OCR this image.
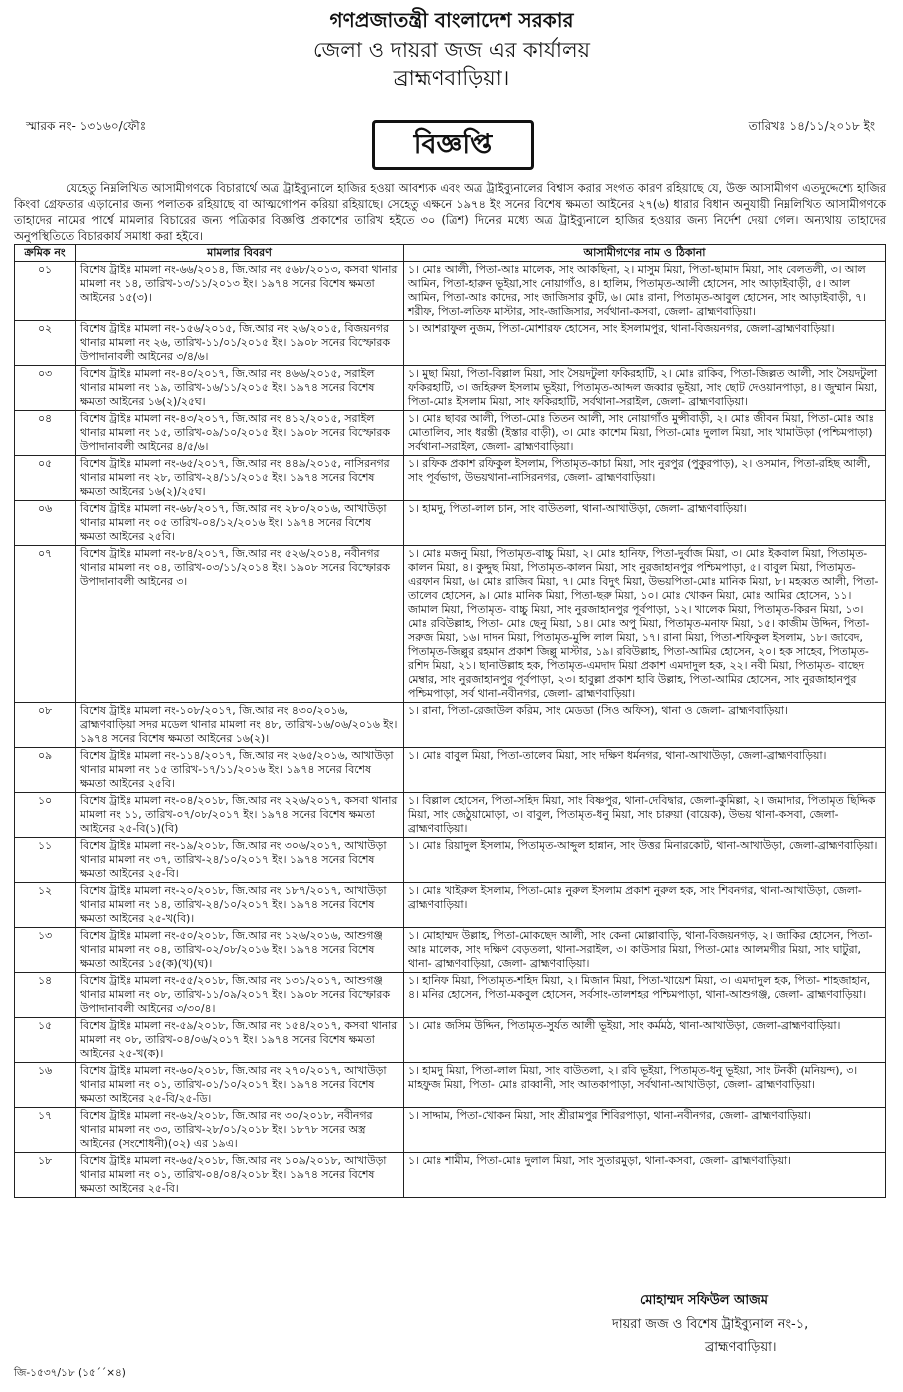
গণপ্রজাতন্ত্রী বাংলাদেশ সরকার
জেলা ও দায়রা জজ এর কার্যালয়
ব্রাহ্মণবাড়িয়া।
স্মারক নং- ১৩১৬০/ফৌঃ	তারিখঃ ১৪/১১/২০১৮ ইং
বিজ্ঞপ্তি
যেহেতু নিম্নলিখিত আসামীগণকে বিচারার্থে অত্র ট্রাইব্যুনালে হাজির হওয়া আবশ্যক এবং অত্র ট্রাইব্যুনালের বিশ্বাস করার সংগত কারণ রহিয়াছে যে, উক্ত আসামীগণ এতদুদ্দেশ্যে হাজির কিংবা গ্রেফতার এড়ানোর জন্য পলাতক রহিয়াছে বা আত্মগোপন করিয়া রহিয়াছে। সেহেতু এক্ষনে ১৯৭৪ ইং সনের বিশেষ ক্ষমতা আইনের ২৭(৬) ধারার বিধান অনুযায়ী নিম্নলিখিত আসামীগণকে তাহাদের নামের পার্শ্বে মামলার বিচারের জন্য পত্রিকার বিজ্ঞপ্তি প্রকাশের তারিখ হইতে ৩০ (ত্রিশ) দিনের মধ্যে অত্র ট্রাইব্যুনালে হাজির হওয়ার জন্য নির্দেশ দেয়া গেল। অন্যথায় তাহাদের অনুপস্থিতিতে বিচারকার্য সমাধা করা হইবে।
ক্রমিক নং	মামলার বিবরণ	আসামীগণের নাম ও ঠিকানা
০১	বিশেষ ট্রাইঃ মামলা নং-৬৬/২০১৪, জি.আর নং ৫৬৮/২০১৩, কসবা থানার মামলা নং ১৪, তারিখ-১৩/১১/২০১৩ ইং। ১৯৭৪ সনের বিশেষ ক্ষমতা আইনের ১৫(৩)।	১। মোঃ আলী, পিতা-আঃ মালেক, সাং আকছিনা, ২। মাসুম মিয়া, পিতা-ছামাদ মিয়া, সাং বেলতলী, ৩। আল আমিন, পিতা-হারুন ভূইয়া,সাং নোয়াগাঁও, ৪। হালিম, পিতামৃত-আলী হোসেন, সাং আড়াইবাড়ী, ৫। আল আমিন, পিতা-আঃ কাদের, সাং জাজিসার কুটি, ৬। মোঃ রানা, পিতামৃত-আবুল হোসেন, সাং আড়াইবাড়ী, ৭। শরীফ, পিতা-লতিফ মাস্টার, সাং-জাজিসার, সর্বথানা-কসবা, জেলা- ব্রাহ্মণবাড়িয়া।
০২	বিশেষ ট্রাইঃ মামলা নং-১৫৬/২০১৫, জি.আর নং ২৬/২০১৫, বিজয়নগর থানার মামলা নং ২৬, তারিখ-১১/০১/২০১৫ ইং। ১৯০৮ সনের বিস্ফোরক উপাদানাবলী আইনের ৩/৪/৬।	১। আশরাফুল নুজম, পিতা-মোশারফ হোসেন, সাং ইসলামপুর, থানা-বিজয়নগর, জেলা-ব্রাহ্মণবাড়িয়া।
০৩	বিশেষ ট্রাইঃ মামলা নং-৪০/২০১৭, জি.আর নং ৪৬৬/২০১৫, সরাইল থানার মামলা নং ১৯, তারিখ-১৬/১১/২০১৫ ইং। ১৯৭৪ সনের বিশেষ ক্ষমতা আইনের ১৬(২)/২৫ঘ।	১। মুছা মিয়া, পিতা-বিল্লাল মিয়া, সাং সৈয়দটুলা ফকিরহাটি, ২। মোঃ রাকিব, পিতা-জিল্লত আলী, সাং সৈয়দটুলা ফকিরহাটি, ৩। জহিরুল ইসলাম ভূইয়া, পিতামৃত-আব্দল জব্বার ভূইয়া, সাং ছোট দেওয়ানপাড়া, ৪। জুম্মান মিয়া, পিতা-মোঃ ইসলাম মিয়া, সাং ফকিরহাটি, সর্বথানা-সরাইল, জেলা- ব্রাহ্মণবাড়িয়া।
০৪	বিশেষ ট্রাইঃ মামলা নং-৪৩/২০১৭, জি.আর নং ৪১২/২০১৫, সরাইল থানার মামলা নং ১৫, তারিখ-০৯/১০/২০১৫ ইং। ১৯০৮ সনের বিস্ফোরক উপাদানাবলী আইনের ৪/৫/৬।	১। মোঃ ছাবর আলী, পিতা-মোঃ তিতন আলী, সাং নোয়াগাঁও মুন্সীবাড়ী, ২। মোঃ জীবন মিয়া, পিতা-মোঃ আঃ মোতালিব, সাং ধরন্তী (ইস্তার বাড়ী), ৩। মোঃ কাশেম মিয়া, পিতা-মোঃ দুলাল মিয়া, সাং খামাউড়া (পশ্চিমপাড়া) সর্বথানা-সরাইল, জেলা- ব্রাহ্মণবাড়িয়া।
০৫	বিশেষ ট্রাইঃ মামলা নং-৬৫/২০১৭, জি.আর নং ৪৪৯/২০১৫, নাসিরনগর থানার মামলা নং ২৮, তারিখ-২৪/১১/২০১৫ ইং। ১৯৭৪ সনের বিশেষ ক্ষমতা আইনের ১৬(২)/২৫ঘ।	১। রফিক প্রকাশ রফিকুল ইসলাম, পিতামৃত-কাচা মিয়া, সাং নুরপুর (পুকুরপাড়), ২। ওসমান, পিতা-রহিছ আলী, সাং পূর্বভাগ, উভয়থানা-নাসিরনগর, জেলা- ব্রাহ্মণবাড়িয়া।
০৬	বিশেষ ট্রাইঃ মামলা নং-৬৮/২০১৭, জি.আর নং ২৮০/২০১৬, আখাউড়া থানার মামলা নং ০৫ তারিখ-০৪/১২/২০১৬ ইং। ১৯৭৪ সনের বিশেষ ক্ষমতা আইনের ২৫বি।	১। হামদু, পিতা-লাল চান, সাং বাউতলা, থানা-আখাউড়া, জেলা- ব্রাহ্মণবাড়িয়া।
০৭	বিশেষ ট্রাইঃ মামলা নং-৮৪/২০১৭, জি.আর নং ৫২৬/২০১৪, নবীনগর থানার মামলা নং ০৪, তারিখ-০৩/১১/২০১৪ ইং। ১৯০৮ সনের বিস্ফোরক উপাদানাবলী আইনের ৩।	১। মোঃ মজনু মিয়া, পিতামৃত-বাচ্চু মিয়া, ২। মোঃ হানিফ, পিতা-দুর্বাজ মিয়া, ৩। মোঃ ইকবাল মিয়া, পিতামৃত-কালন মিয়া, ৪। কুদ্দুছ মিয়া, পিতামৃত-কালন মিয়া, সাং নুরজাহানপুর পশ্চিমপাড়া, ৫। বাবুল মিয়া, পিতামৃত-এরফান মিয়া, ৬। মোঃ রাজিব মিয়া, ৭। মোঃ বিদুৎ মিয়া, উভয়পিতা-মোঃ মানিক মিয়া, ৮। মহব্বত আলী, পিতা-তালেব হোসেন, ৯। মোঃ মানিক মিয়া, পিতা-ছরু মিয়া, ১০। মোঃ খোকন মিয়া, মোঃ আমির হোসেন, ১১। জামাল মিয়া, পিতামৃত- বাচ্চু মিয়া, সাং নুরজাহানপুর পূর্বপাড়া, ১২। খালেক মিয়া, পিতামৃত-কিরন মিয়া, ১৩। মোঃ রবিউল্লাহ, পিতা- মোঃ ছেনু মিয়া, ১৪। মোঃ অপু মিয়া, পিতামৃত-মনাফ মিয়া, ১৫। কাজীম উদ্দিন, পিতা-সরুজ মিয়া, ১৬। দাদন মিয়া, পিতামৃত-মুন্সি লাল মিয়া, ১৭। রানা মিয়া, পিতা-শফিকুল ইসলাম, ১৮। জাবেদ, পিতামৃত-জিল্লুর রহমান প্রকাশ জিল্লু মাস্টার, ১৯। রবিউল্লাহ, পিতা-আমির হোসেন, ২০। হক সাহেব, পিতামৃত-রশিদ মিয়া, ২১। ছানাউল্লাহ হক, পিতামৃত-এমদাদ মিয়া প্রকাশ এমদাদুল হক, ২২। নবী মিয়া, পিতামৃত- বাছেদ মেম্বার, সাং নুরজাহানপুর পূর্বপাড়া, ২৩। হাবুল্লা প্রকাশ হাবি উল্লাহ, পিতা-আমির হোসেন, সাং নুরজাহানপুর পশ্চিমপাড়া, সর্ব থানা-নবীনগর, জেলা- ব্রাহ্মণবাড়িয়া।
০৮	বিশেষ ট্রাইঃ মামলা নং-১০৮/২০১৭, জি.আর নং ৪৩০/২০১৬, ব্রাহ্মণবাড়িয়া সদর মডেল থানার মামলা নং ৪৮, তারিখ-১৬/০৬/২০১৬ ইং। ১৯৭৪ সনের বিশেষ ক্ষমতা আইনের ১৬(২)।	১। রানা, পিতা-রেজাউল করিম, সাং মেডডা (সিও অফিস), থানা ও জেলা- ব্রাহ্মণবাড়িয়া।
০৯	বিশেষ ট্রাইঃ মামলা নং-১১৪/২০১৭, জি.আর নং ২৬৫/২০১৬, আখাউড়া থানার মামলা নং ১৫ তারিখ-১৭/১১/২০১৬ ইং। ১৯৭৪ সনের বিশেষ ক্ষমতা আইনের ২৫বি।	১। মোঃ বাবুল মিয়া, পিতা-তালেব মিয়া, সাং দক্ষিণ ধর্মনগর, থানা-আখাউড়া, জেলা-ব্রাহ্মণবাড়িয়া।
১০	বিশেষ ট্রাইঃ মামলা নং-০৪/২০১৮, জি.আর নং ২২৬/২০১৭, কসবা থানার মামলা নং ১১, তারিখ-০৭/০৮/২০১৭ ইং। ১৯৭৪ সনের বিশেষ ক্ষমতা আইনের ২৫-বি(১)(বি)	১। বিল্লাল হোসেন, পিতা-সহিদ মিয়া, সাং বিষ্ণপুর, থানা-দেবিদ্বার, জেলা-কুমিল্লা, ২। জমাদার, পিতামৃত ছিদ্দিক মিয়া, সাং জেঠুয়ামোড়া, ৩। বাবুল, পিতামৃত-ধনু মিয়া, সাং চারুয়া (বায়েক), উভয় থানা-কসবা, জেলা- ব্রাহ্মণবাড়িয়া।
১১	বিশেষ ট্রাইঃ মামলা নং-১৯/২০১৮, জি.আর নং ৩০৬/২০১৭, আখাউড়া থানার মামলা নং ৩৭, তারিখ-২৪/১০/২০১৭ ইং। ১৯৭৪ সনের বিশেষ ক্ষমতা আইনের ২৫-বি।	১। মোঃ রিয়াদুল ইসলাম, পিতামৃত-আব্দুল হান্নান, সাং উত্তর মিনারকোট, থানা-আখাউড়া, জেলা-ব্রাহ্মণবাড়িয়া।
১২	বিশেষ ট্রাইঃ মামলা নং-২০/২০১৮, জি.আর নং ১৮৭/২০১৭, আখাউড়া থানার মামলা নং ১৪, তারিখ-২৪/১০/২০১৭ ইং। ১৯৭৪ সনের বিশেষ ক্ষমতা আইনের ২৫-খ(বি)।	১। মোঃ খাইরুল ইসলাম, পিতা-মোঃ নুরুল ইসলাম প্রকাশ নুরুল হক, সাং শিবনগর, থানা-আখাউড়া, জেলা- ব্রাহ্মণবাড়িয়া।
১৩	বিশেষ ট্রাইঃ মামলা নং-৫০/২০১৮, জি.আর নং ১২৬/২০১৬, আশুগঞ্জ থানার মামলা নং ০৪, তারিখ-০২/০৮/২০১৬ ইং। ১৯৭৪ সনের বিশেষ ক্ষমতা আইনের ১৫(ক)(খ)(ঘ)।	১। মোহাম্মদ উল্লাহ, পিতা-মোকছেদ আলী, সাং কেনা মোল্লাবাড়ি, থানা-বিজয়নগড়, ২। জাকির হোসেন, পিতা-আঃ মালেক, সাং দক্ষিণ বেড়তলা, থানা-সরাইল, ৩। কাউসার মিয়া, পিতা-মোঃ আলমগীর মিয়া, সাং ঘাটুরা, থানা- ব্রাহ্মণবাড়িয়া, জেলা- ব্রাহ্মণবাড়িয়া।
১৪	বিশেষ ট্রাইঃ মামলা নং-৫৫/২০১৮, জি.আর নং ১৩১/২০১৭, আশুগঞ্জ থানার মামলা নং ০৮, তারিখ-১১/০৯/২০১৭ ইং। ১৯০৮ সনের বিস্ফোরক উপাদানাবলী আইনের ৩/৩০/৪।	১। হানিফ মিয়া, পিতামৃত-শহিদ মিয়া, ২। মিজান মিয়া, পিতা-খায়েশ মিয়া, ৩। এমদাদুল হক, পিতা- শাহজাহান, ৪। মনির হোসেন, পিতা-মকবুল হোসেন, সর্বসাং-তালশহর পশ্চিমপাড়া, থানা-আশুগঞ্জ, জেলা- ব্রাহ্মণবাড়িয়া।
১৫	বিশেষ ট্রাইঃ মামলা নং-৫৯/২০১৮, জি.আর নং ১৫৪/২০১৭, কসবা থানার মামলা নং ০৮, তারিখ-০৪/০৬/২০১৭ ইং। ১৯৭৪ সনের বিশেষ ক্ষমতা আইনের ২৫-খ(ক)।	১। মোঃ জসিম উদ্দিন, পিতামৃত-সুর্যত আলী ভূইয়া, সাং কর্মমঠ, থানা-আখাউড়া, জেলা-ব্রাহ্মণবাড়িয়া।
১৬	বিশেষ ট্রাইঃ মামলা নং-৬০/২০১৮, জি.আর নং ২৭০/২০১৭, আখাউড়া থানার মামলা নং ০১, তারিখ-০১/১০/২০১৭ ইং। ১৯৭৪ সনের বিশেষ ক্ষমতা আইনের ২৫-বি/২৫-ডি।	১। হামদু মিয়া, পিতা-লাল মিয়া, সাং বাউতলা, ২। রবি ভূইয়া, পিতামৃত-ধনু ভূইয়া, সাং টনকী (মনিয়ন্দ), ৩। মাহফুজ মিয়া, পিতা- মোঃ রাব্বানী, সাং আতকাপাড়া, সর্বথানা-আখাউড়া, জেলা- ব্রাহ্মণবাড়িয়া।
১৭	বিশেষ ট্রাইঃ মামলা নং-৬২/২০১৮, জি.আর নং ৩০/২০১৮, নবীনগর থানার মামলা নং ৩৩, তারিখ-২৮/০১/২০১৮ ইং। ১৮৭৮ সনের অস্ত্র আইনের (সংশোধনী)(০২) এর ১৯এ।	১। সাদ্দাম, পিতা-খোকন মিয়া, সাং শ্রীরামপুর শিবিরপাড়া, থানা-নবীনগর, জেলা- ব্রাহ্মণবাড়িয়া।
১৮	বিশেষ ট্রাইঃ মামলা নং-৬৫/২০১৮, জি.আর নং ১০৯/২০১৮, আখাউড়া থানার মামলা নং ০১, তারিখ-০৪/০৪/২০১৮ ইং। ১৯৭৪ সনের বিশেষ ক্ষমতা আইনের ২৫-বি।	১। মোঃ শামীম, পিতা-মোঃ দুলাল মিয়া, সাং সুতারমুড়া, থানা-কসবা, জেলা- ব্রাহ্মণবাড়িয়া।
মোহাম্মদ সফিউল আজম
দায়রা জজ ও বিশেষ ট্রাইব্যুনাল নং-১,
ব্রাহ্মণবাড়িয়া।
জি-১৫৩৭/১৮ (১৫´´×৪)
